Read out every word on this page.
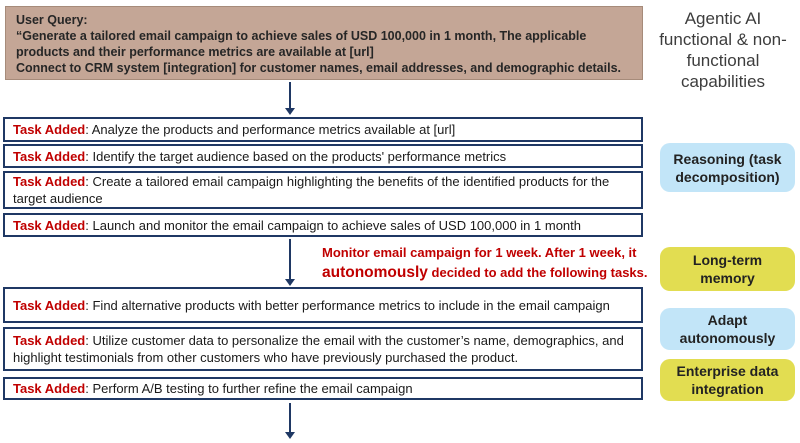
User Query:
“Generate a tailored email campaign to achieve sales of USD 100,000 in 1 month, The applicable products and their performance metrics are available at [url]
Connect to CRM system [integration] for customer names, email addresses, and demographic details.

Task Added: Analyze the products and performance metrics available at [url]

Task Added: Identify the target audience based on the products' performance metrics

Task Added: Create a tailored email campaign highlighting the benefits of the identified products for the target audience

Task Added: Launch and monitor the email campaign to achieve sales of USD 100,000 in 1 month

Monitor email campaign for 1 week. After 1 week, it
autonomously decided to add the following tasks.

Task Added: Find alternative products with better performance metrics to include in the email campaign

Task Added: Utilize customer data to personalize the email with the customer’s name, demographics, and highlight testimonials from other customers who have previously purchased the product.

Task Added: Perform A/B testing to further refine the email campaign

Agentic AI functional & non-functional capabilities
Reasoning (task decomposition)
Long-term memory
Adapt autonomously
Enterprise data integration
